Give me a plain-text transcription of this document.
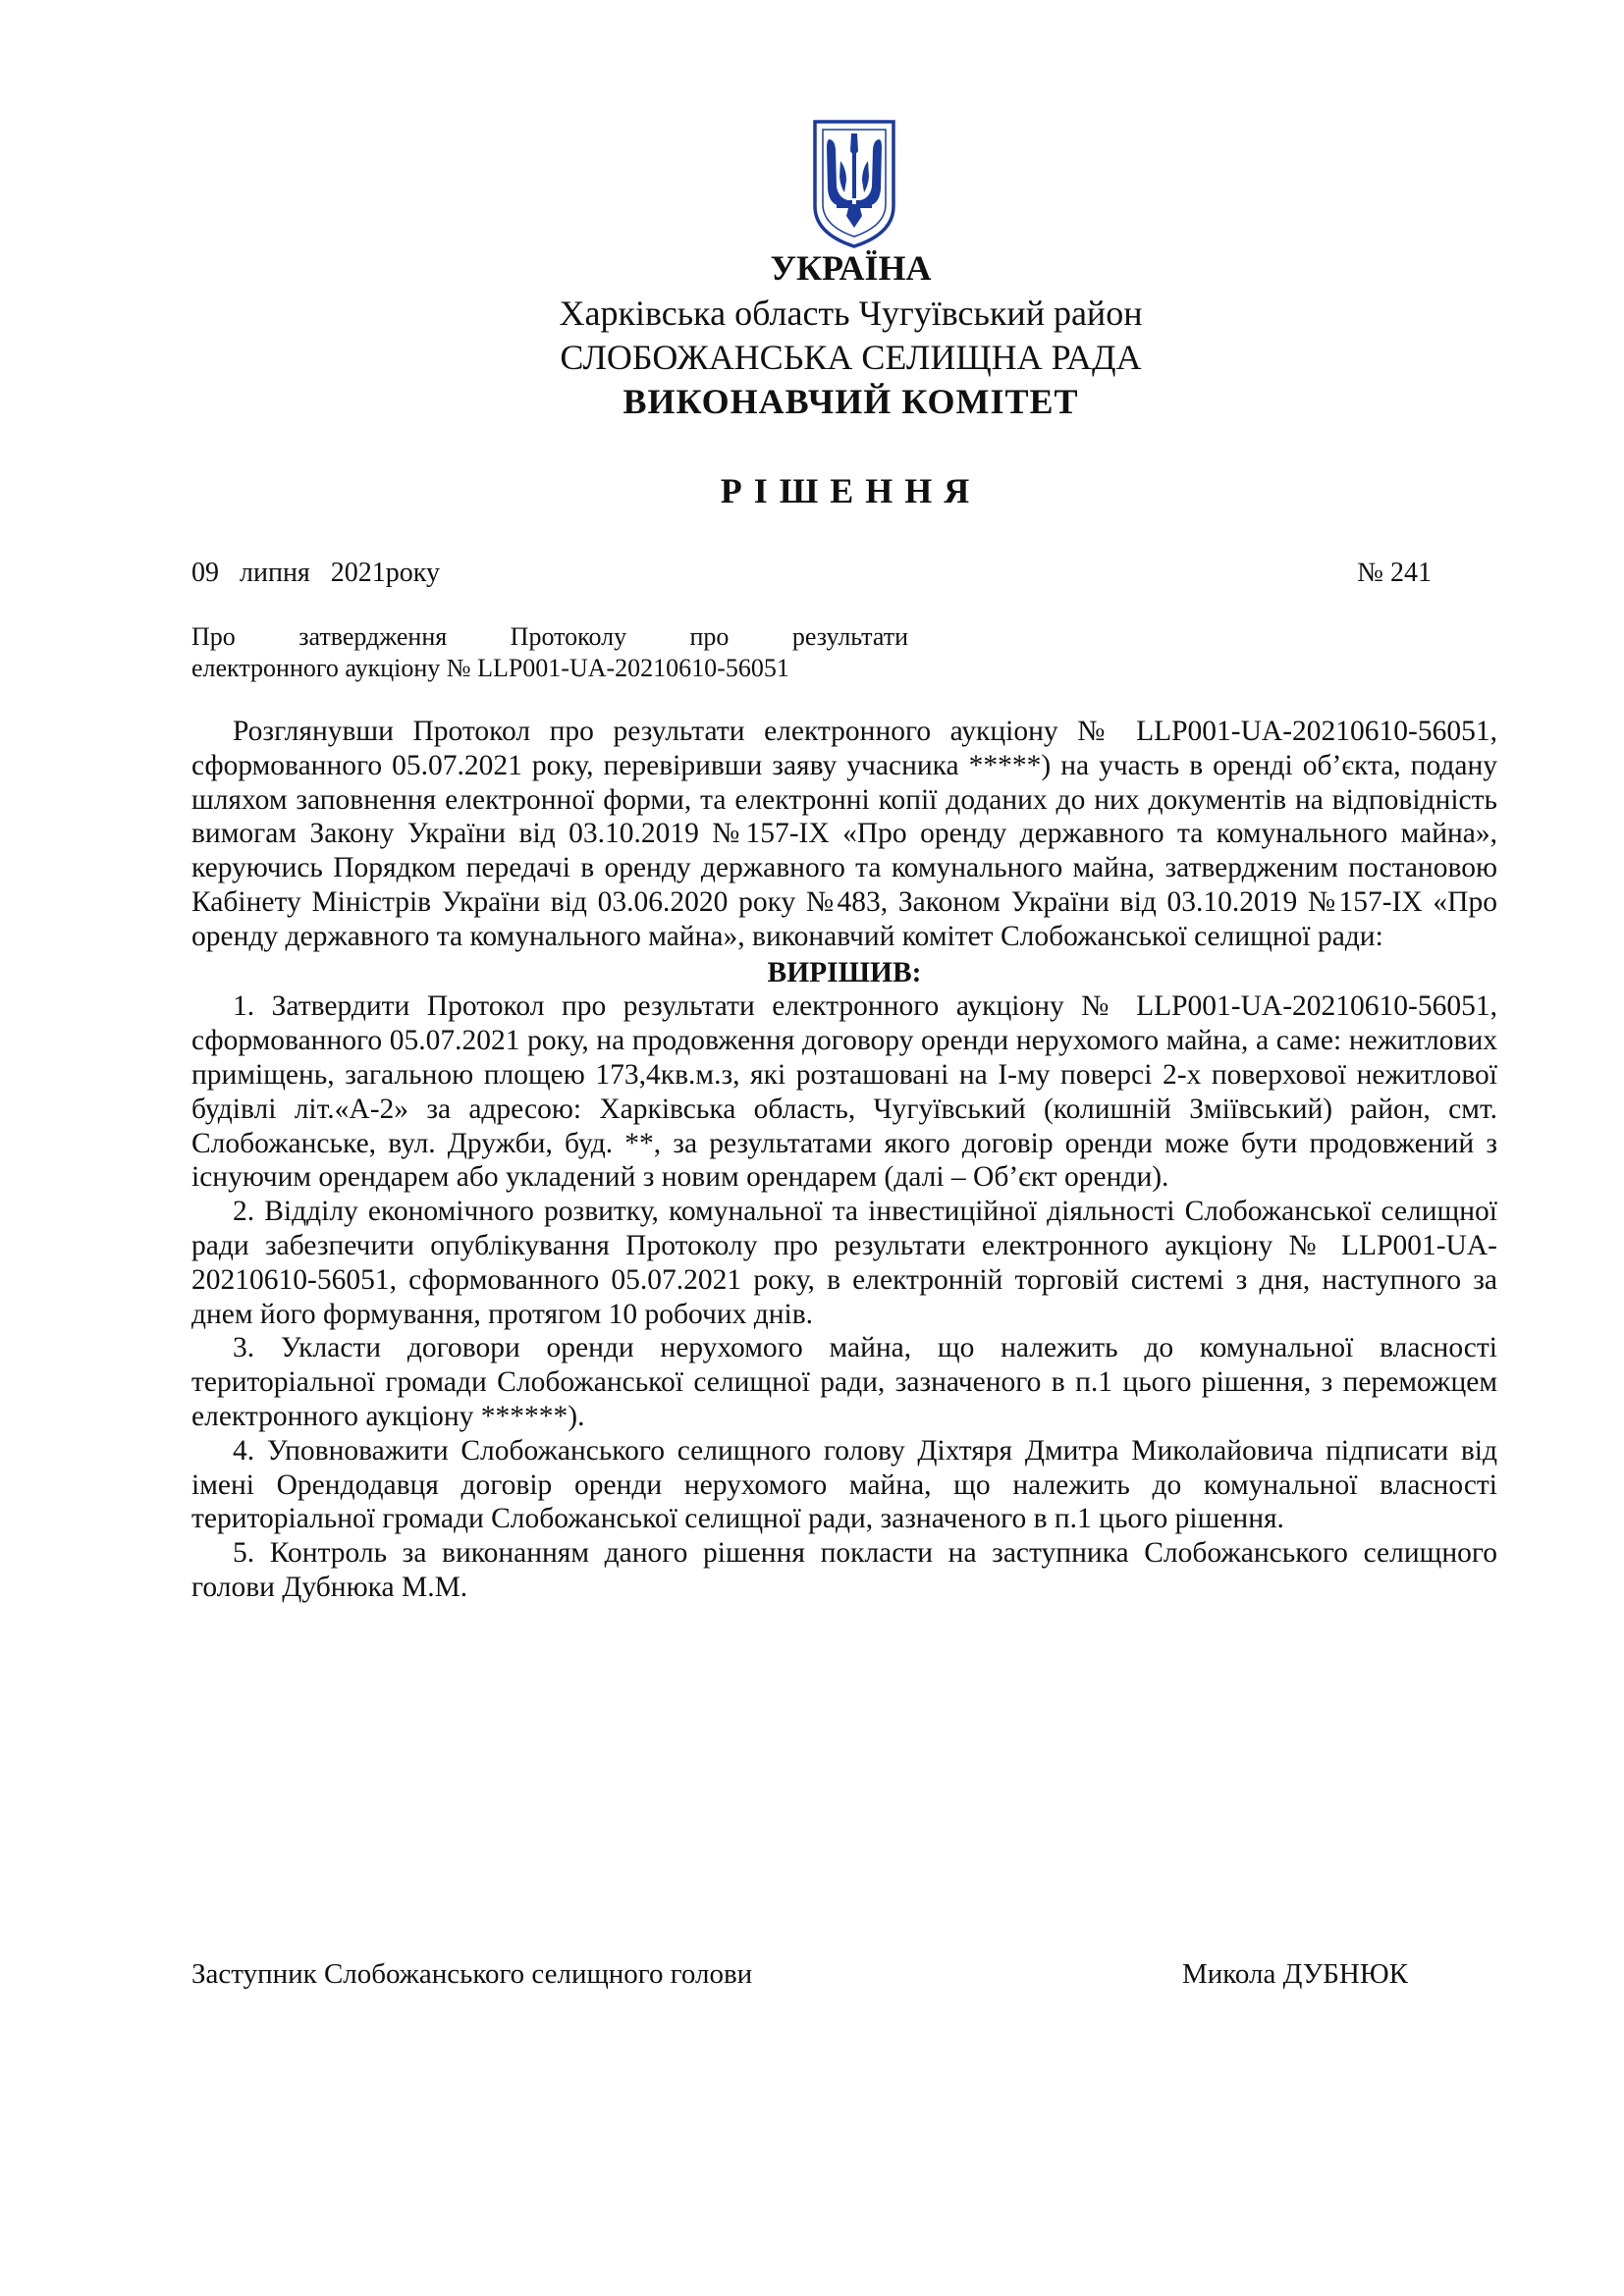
УКРАЇНА
Харківська область Чугуївський район
СЛОБОЖАНСЬКА СЕЛИЩНА РАДА
ВИКОНАВЧИЙ КОМІТЕТ
РІШЕННЯ
09   липня   2021року	№ 241
Про затвердження Протоколу про результати
електронного аукціону № LLP001-UA-20210610-56051

Розглянувши Протокол про результати електронного аукціону № LLP001-UA-20210610-56051, сформованного 05.07.2021 року, перевіривши заяву учасника *****) на участь в оренді об’єкта, подану шляхом заповнення електронної форми, та електронні копії доданих до них документів на відповідність вимогам Закону України від 03.10.2019 №157-IX «Про оренду державного та комунального майна», керуючись Порядком передачі в оренду державного та комунального майна, затвердженим постановою Кабінету Міністрів України від 03.06.2020 року №483, Законом України від 03.10.2019 №157-IX «Про оренду державного та комунального майна», виконавчий комітет Слобожанської селищної ради:

ВИРІШИВ:

1. Затвердити Протокол про результати електронного аукціону № LLP001-UA-20210610-56051, сформованного 05.07.2021 року, на продовження договору оренди нерухомого майна, а саме: нежитлових приміщень, загальною площею 173,4кв.м.з, які розташовані на І-му поверсі 2-х поверхової нежитлової будівлі літ.«А-2» за адресою: Харківська область, Чугуївський (колишній Зміївський) район, смт. Слобожанське, вул. Дружби, буд. **, за результатами якого договір оренди може бути продовжений з існуючим орендарем або укладений з новим орендарем (далі – Об’єкт оренди).

2. Відділу економічного розвитку, комунальної та інвестиційної діяльності Слобожанської селищної ради забезпечити опублікування Протоколу про результати електронного аукціону № LLP001-UA-20210610-56051, сформованного 05.07.2021 року, в електронній торговій системі з дня, наступного за днем його формування, протягом 10 робочих днів.

3. Укласти договори оренди нерухомого майна, що належить до комунальної власності територіальної громади Слобожанської селищної ради, зазначеного в п.1 цього рішення, з переможцем електронного аукціону ******).

4. Уповноважити Слобожанського селищного голову Діхтяря Дмитра Миколайовича підписати від імені Орендодавця договір оренди нерухомого майна, що належить до комунальної власності територіальної громади Слобожанської селищної ради, зазначеного в п.1 цього рішення.

5. Контроль за виконанням даного рішення покласти на заступника Слобожанського селищного голови Дубнюка М.М.

Заступник Слобожанського селищного голови	Микола ДУБНЮК
